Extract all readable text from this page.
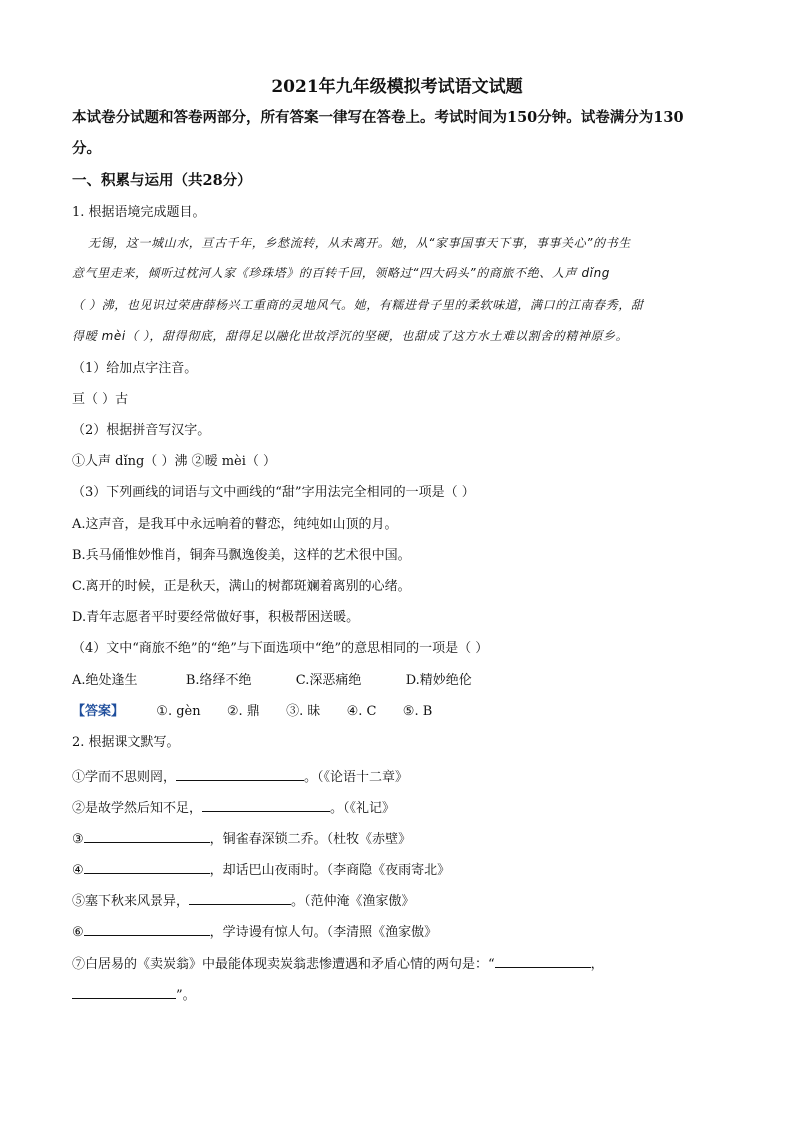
2021年九年级模拟考试语文试题
本试卷分试题和答卷两部分，所有答案一律写在答卷上。考试时间为150分钟。试卷满分为130
分。
一、积累与运用（共28分）
1. 根据语境完成题目。
无锡，这一城山水，亘古千年，乡愁流转，从未离开。她，从“家事国事天下事，事事关心”的书生
意气里走来，倾听过枕河人家《珍珠塔》的百转千回，领略过“四大码头”的商旅不绝、人声 dǐng
（ ）沸，也见识过荣唐薛杨兴工重商的灵地风气。她，有糯进骨子里的柔软味道，满口的江南春秀，甜
得暧 mèi（ ），甜得彻底，甜得足以融化世故浮沉的坚硬，也甜成了这方水土难以割舍的精神原乡。
（1）给加点字注音。
亘（ ）古
（2）根据拼音写汉字。
①人声 dǐng（ ）沸 ②暧 mèi（ ）
（3）下列画线的词语与文中画线的“甜”字用法完全相同的一项是（ ）
A.这声音，是我耳中永远响着的瞽恋，纯纯如山顶的月。
B.兵马俑惟妙惟肖，铜奔马飘逸俊美，这样的艺术很中国。
C.离开的时候，正是秋天，满山的树都斑斓着离别的心绪。
D.青年志愿者平时要经常做好事，积极帮困送暖。
（4）文中“商旅不绝”的“绝”与下面选项中“绝”的意思相同的一项是（ ）
A.绝处逢生	B.络绎不绝	C.深恶痛绝	D.精妙绝伦
【答案】 ①. gèn ②. 鼎 ③. 昧 ④. C ⑤. B
2. 根据课文默写。
①学而不思则罔，	。（《论语十二章》
②是故学然后知不足，	。（《礼记》
③	，铜雀春深锁二乔。（杜牧《赤壁》
④	，却话巴山夜雨时。（李商隐《夜雨寄北》
⑤塞下秋来风景异，	。（范仲淹《渔家傲》
⑥	，学诗谩有惊人句。（李清照《渔家傲》
⑦白居易的《卖炭翁》中最能体现卖炭翁悲惨遭遇和矛盾心情的两句是：“	，
”。
